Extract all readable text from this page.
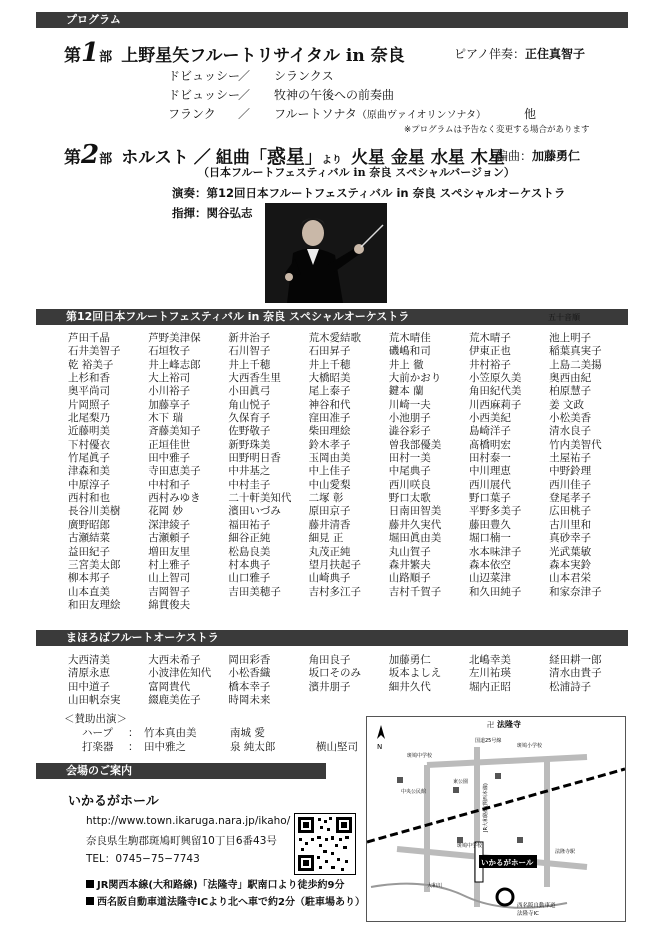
プログラム
第1部 上野星矢フルートリサイタル in 奈良	ピアノ伴奏：正住真智子
ドビュッシー／ シランクス
ドビュッシー／ 牧神の午後への前奏曲
フランク ／ フルートソナタ（原曲ヴァイオリンソナタ）	他
※プログラムは予告なく変更する場合があります
第2部 ホルスト ／ 組曲「惑星」より 火星 金星 水星 木星
編曲：加藤勇仁
（日本フルートフェスティバル in 奈良 スペシャルバージョン）
演奏：第12回日本フルートフェスティバル in 奈良 スペシャルオーケストラ
指揮：関谷弘志
第12回日本フルートフェスティバル in 奈良 スペシャルオーケストラ	五十音順
芦田千晶	芦野美津保	新井治子	荒木愛結歌	荒木晴佳	荒木晴子	池上明子
石井美智子	石垣牧子	石川智子	石田昇子	磯嶋和司	伊東正也	稲葉真実子
乾 裕美子	井上峰志郎	井上千穂	井上千穂	井上 徹	井村裕子	上島二美揚
上杉和香	大上裕司	大西香生里	大橋昭美	大前かおり	小笠原久美	奥西由紀
奥平尚司	小川裕子	小田眞弓	尾上泰子	鍵本 蘭	角田紀代美	柏原慧子
片岡照子	加藤享子	角山悦子	神谷和代	川崎一夫	川西麻莉子	姜 文政
北尾梨乃	木下 瑞	久保育子	窪田准子	小池朋子	小西美紀	小松美香
近藤明美	斉藤美知子	佐野敬子	柴田理絵	澁谷彩子	島崎洋子	清水良子
下村優衣	正垣佳世	新野珠美	鈴木孝子	曽我部優美	髙橋明宏	竹内美智代
竹尾眞子	田中雅子	田野明日香	玉岡由美	田村一美	田村泰一	土屋祐子
津森和美	寺田恵美子	中井基之	中上佳子	中尾典子	中川理恵	中野鈴理
中原淳子	中村和子	中村圭子	中山愛梨	西川咲良	西川展代	西川佳子
西村和也	西村みゆき	二十軒美知代	二塚 彰	野口太歌	野口葉子	登尾孝子
長谷川美樹	花岡 妙	濱田いづみ	原田京子	日南田智美	平野多美子	広田桃子
廣野昭郎	深津綾子	福田祐子	藤井清香	藤井久実代	藤田豊久	古川里和
古瀬結菜	古瀬頼子	細谷正純	細見 正	堀田眞由美	堀口楠一	真砂幸子
益田紀子	増田友里	松島良美	丸茂正純	丸山賀子	水本味津子	光武葉敏
三宮美太郎	村上雅子	村本典子	望月扶起子	森井繁夫	森本依空	森本実鈴
柳本邦子	山上智司	山口雅子	山崎典子	山路順子	山辺菜津	山本君栄
山本直美	吉岡智子	吉田美穂子	吉村多江子	吉村千賀子	和久田純子	和家奈津子
和田友理絵	綿貫俊夫
まほろばフルートオーケストラ
大西清美	大西未希子	岡田彩香	角田良子	加藤勇仁	北嶋幸美	経田耕一郎
清原永恵	小波津佐知代	小松香織	坂口そのみ	坂本よしえ	左川祐瑛	清水由貴子
田中道子	富岡貴代	橋本幸子	濱井朋子	細井久代	堀内正昭	松浦詩子
山田帆奈実	綴鹿美佐子	時岡未来
＜賛助出演＞
ハープ ： 竹本真由美	南城 愛
打楽器 ： 田中雅之	泉 純太郎	横山堅司
会場のご案内
いかるがホール
http://www.town.ikaruga.nara.jp/ikaho/
奈良県生駒郡斑鳩町興留10丁目6番43号
TEL：0745−75−7743
JR関西本線(大和路線)「法隆寺」駅南口より徒歩約9分
西名阪自動車道法隆寺ICより北へ車で約2分（駐車場あり）
N
卍 法隆寺
いかるがホール
西名阪自動車道
法隆寺IC
JR大和路線(関西本線)
斑鳩中学校
斑鳩小学校
中央公民館
東公園
斑鳩中学校
法隆寺駅
大和川
国道25号線
